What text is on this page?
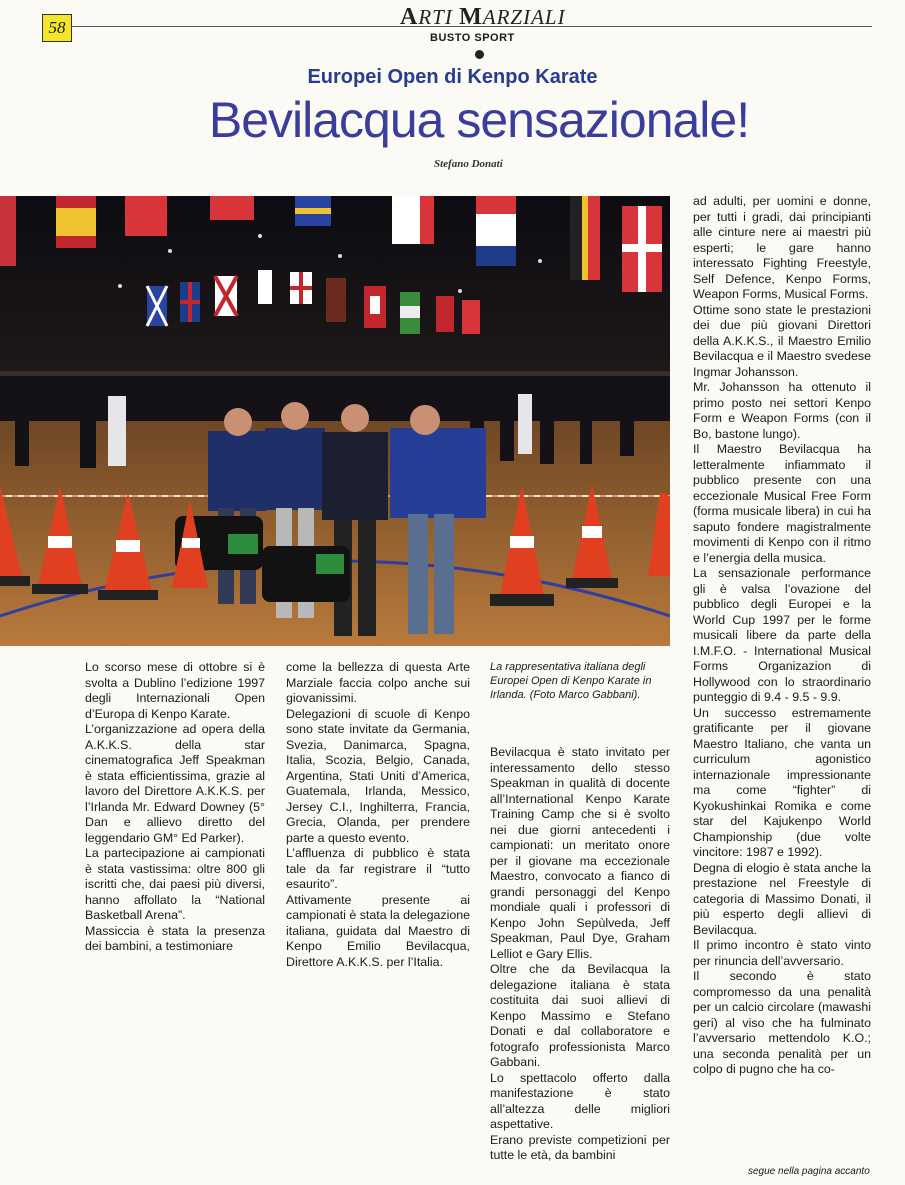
58	ARTI MARZIALI
BUSTO SPORT
Europei Open di Kenpo Karate
Bevilacqua sensazionale!
Stefano Donati
La rappresentativa italiana degli Europei Open di Kenpo Karate in Irlanda. (Foto Marco Gabbani).
Lo scorso mese di ottobre si è svolta a Dublino l’edizione 1997 degli Internazionali Open d’Europa di Kenpo Karate.
L’organizzazione ad opera della A.K.K.S. della star cinematografica Jeff Speakman è stata efficientissima, grazie al lavoro del Direttore A.K.K.S. per l’Irlanda Mr. Edward Downey (5° Dan e allievo diretto del leggendario GM° Ed Parker).
La partecipazione ai campionati è stata vastissima: oltre 800 gli iscritti che, dai paesi più diversi, hanno affollato la “National Basketball Arena”.
Massiccia è stata la presenza dei bambini, a testimoniare
come la bellezza di questa Arte Marziale faccia colpo anche sui giovanissimi.
Delegazioni di scuole di Kenpo sono state invitate da Germania, Svezia, Danimarca, Spagna, Italia, Scozia, Belgio, Canada, Argentina, Stati Uniti d’America, Guatemala, Irlanda, Messico, Jersey C.I., Inghilterra, Francia, Grecia, Olanda, per prendere parte a questo evento.
L’affluenza di pubblico è stata tale da far registrare il “tutto esaurito”.
Attivamente presente ai campionati è stata la delegazione italiana, guidata dal Maestro di Kenpo Emilio Bevilacqua, Direttore A.K.K.S. per l’Italia.
Bevilacqua è stato invitato per interessamento dello stesso Speakman in qualità di docente all’International Kenpo Karate Training Camp che si è svolto nei due giorni antecedenti i campionati: un meritato onore per il giovane ma eccezionale Maestro, convocato a fianco di grandi personaggi del Kenpo mondiale quali i professori di Kenpo John Sepùlveda, Jeff Speakman, Paul Dye, Graham Lelliot e Gary Ellis.
Oltre che da Bevilacqua la delegazione italiana è stata costituita dai suoi allievi di Kenpo Massimo e Stefano Donati e dal collaboratore e fotografo professionista Marco Gabbani.
Lo spettacolo offerto dalla manifestazione è stato all’altezza delle migliori aspettative.
Erano previste competizioni per tutte le età, da bambini
ad adulti, per uomini e donne, per tutti i gradi, dai principianti alle cinture nere ai maestri più esperti; le gare hanno interessato Fighting Freestyle, Self Defence, Kenpo Forms, Weapon Forms, Musical Forms.
Ottime sono state le prestazioni dei due più giovani Direttori della A.K.K.S., il Maestro Emilio Bevilacqua e il Maestro svedese Ingmar Johansson.
Mr. Johansson ha ottenuto il primo posto nei settori Kenpo Form e Weapon Forms (con il Bo, bastone lungo).
Il Maestro Bevilacqua ha letteralmente infiammato il pubblico presente con una eccezionale Musical Free Form (forma musicale libera) in cui ha saputo fondere magistralmente movimenti di Kenpo con il ritmo e l’energia della musica.
La sensazionale performance gli è valsa l’ovazione del pubblico degli Europei e la World Cup 1997 per le forme musicali libere da parte della I.M.F.O. - International Musical Forms Organizazion di Hollywood con lo straordinario punteggio di 9.4 - 9.5 - 9.9.
Un successo estremamente gratificante per il giovane Maestro Italiano, che vanta un curriculum agonistico internazionale impressionante ma come “fighter” di Kyokushinkai Romika e come star del Kajukenpo World Championship (due volte vincitore: 1987 e 1992).
Degna di elogio è stata anche la prestazione nel Freestyle di categoria di Massimo Donati, il più esperto degli allievi di Bevilacqua.
Il primo incontro è stato vinto per rinuncia dell’avversario.
Il secondo è stato compromesso da una penalità per un calcio circolare (mawashi geri) al viso che ha fulminato l’avversario mettendolo K.O.; una seconda penalità per un colpo di pugno che ha co-
segue nella pagina accanto
